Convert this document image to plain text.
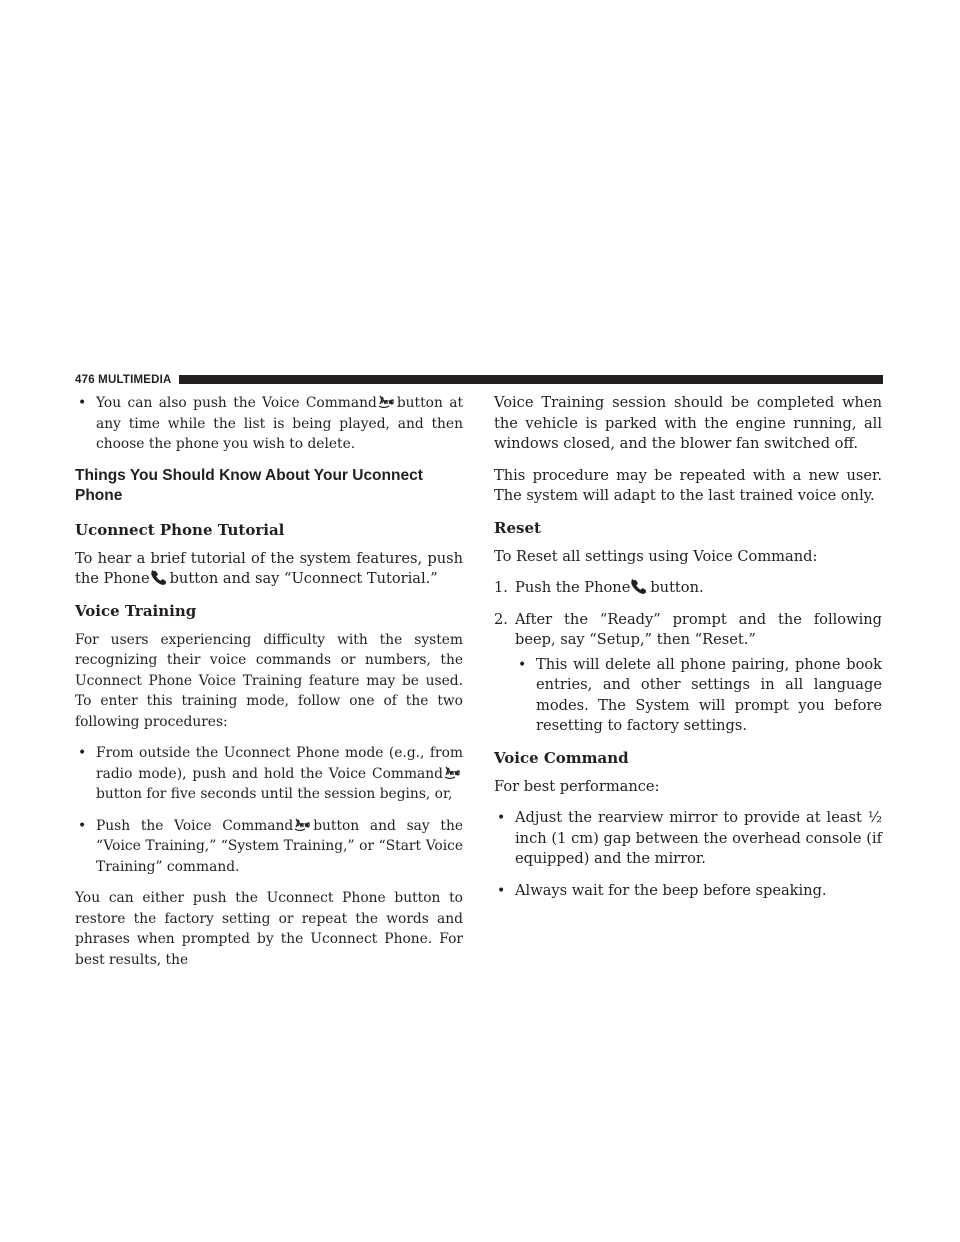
476 MULTIMEDIA
• You can also push the Voice Command button at any time while the list is being played, and then choose the phone you wish to delete.

Things You Should Know About Your Uconnect Phone
Uconnect Phone Tutorial

To hear a brief tutorial of the system features, push the Phone button and say “Uconnect Tutorial.”

Voice Training

For users experiencing difficulty with the system recognizing their voice commands or numbers, the Uconnect Phone Voice Training feature may be used. To enter this training mode, follow one of the two following procedures:

• From outside the Uconnect Phone mode (e.g., from radio mode), push and hold the Voice Commandbutton for five seconds until the session begins, or,

• Push the Voice Command button and say the “Voice Training,” “System Training,” or “Start Voice Training” command.

You can either push the Uconnect Phone button to restore the factory setting or repeat the words and phrases when prompted by the Uconnect Phone. For best results, the

Voice Training session should be completed when the vehicle is parked with the engine running, all windows closed, and the blower fan switched off.

This procedure may be repeated with a new user. The system will adapt to the last trained voice only.

Reset

To Reset all settings using Voice Command:

1. Push the Phone button.

2. After the “Ready” prompt and the following beep, say “Setup,” then “Reset.”

• This will delete all phone pairing, phone book entries, and other settings in all language modes. The System will prompt you before resetting to factory settings.

Voice Command

For best performance:

• Adjust the rearview mirror to provide at least ½ inch (1 cm) gap between the overhead console (if equipped) and the mirror.

• Always wait for the beep before speaking.
